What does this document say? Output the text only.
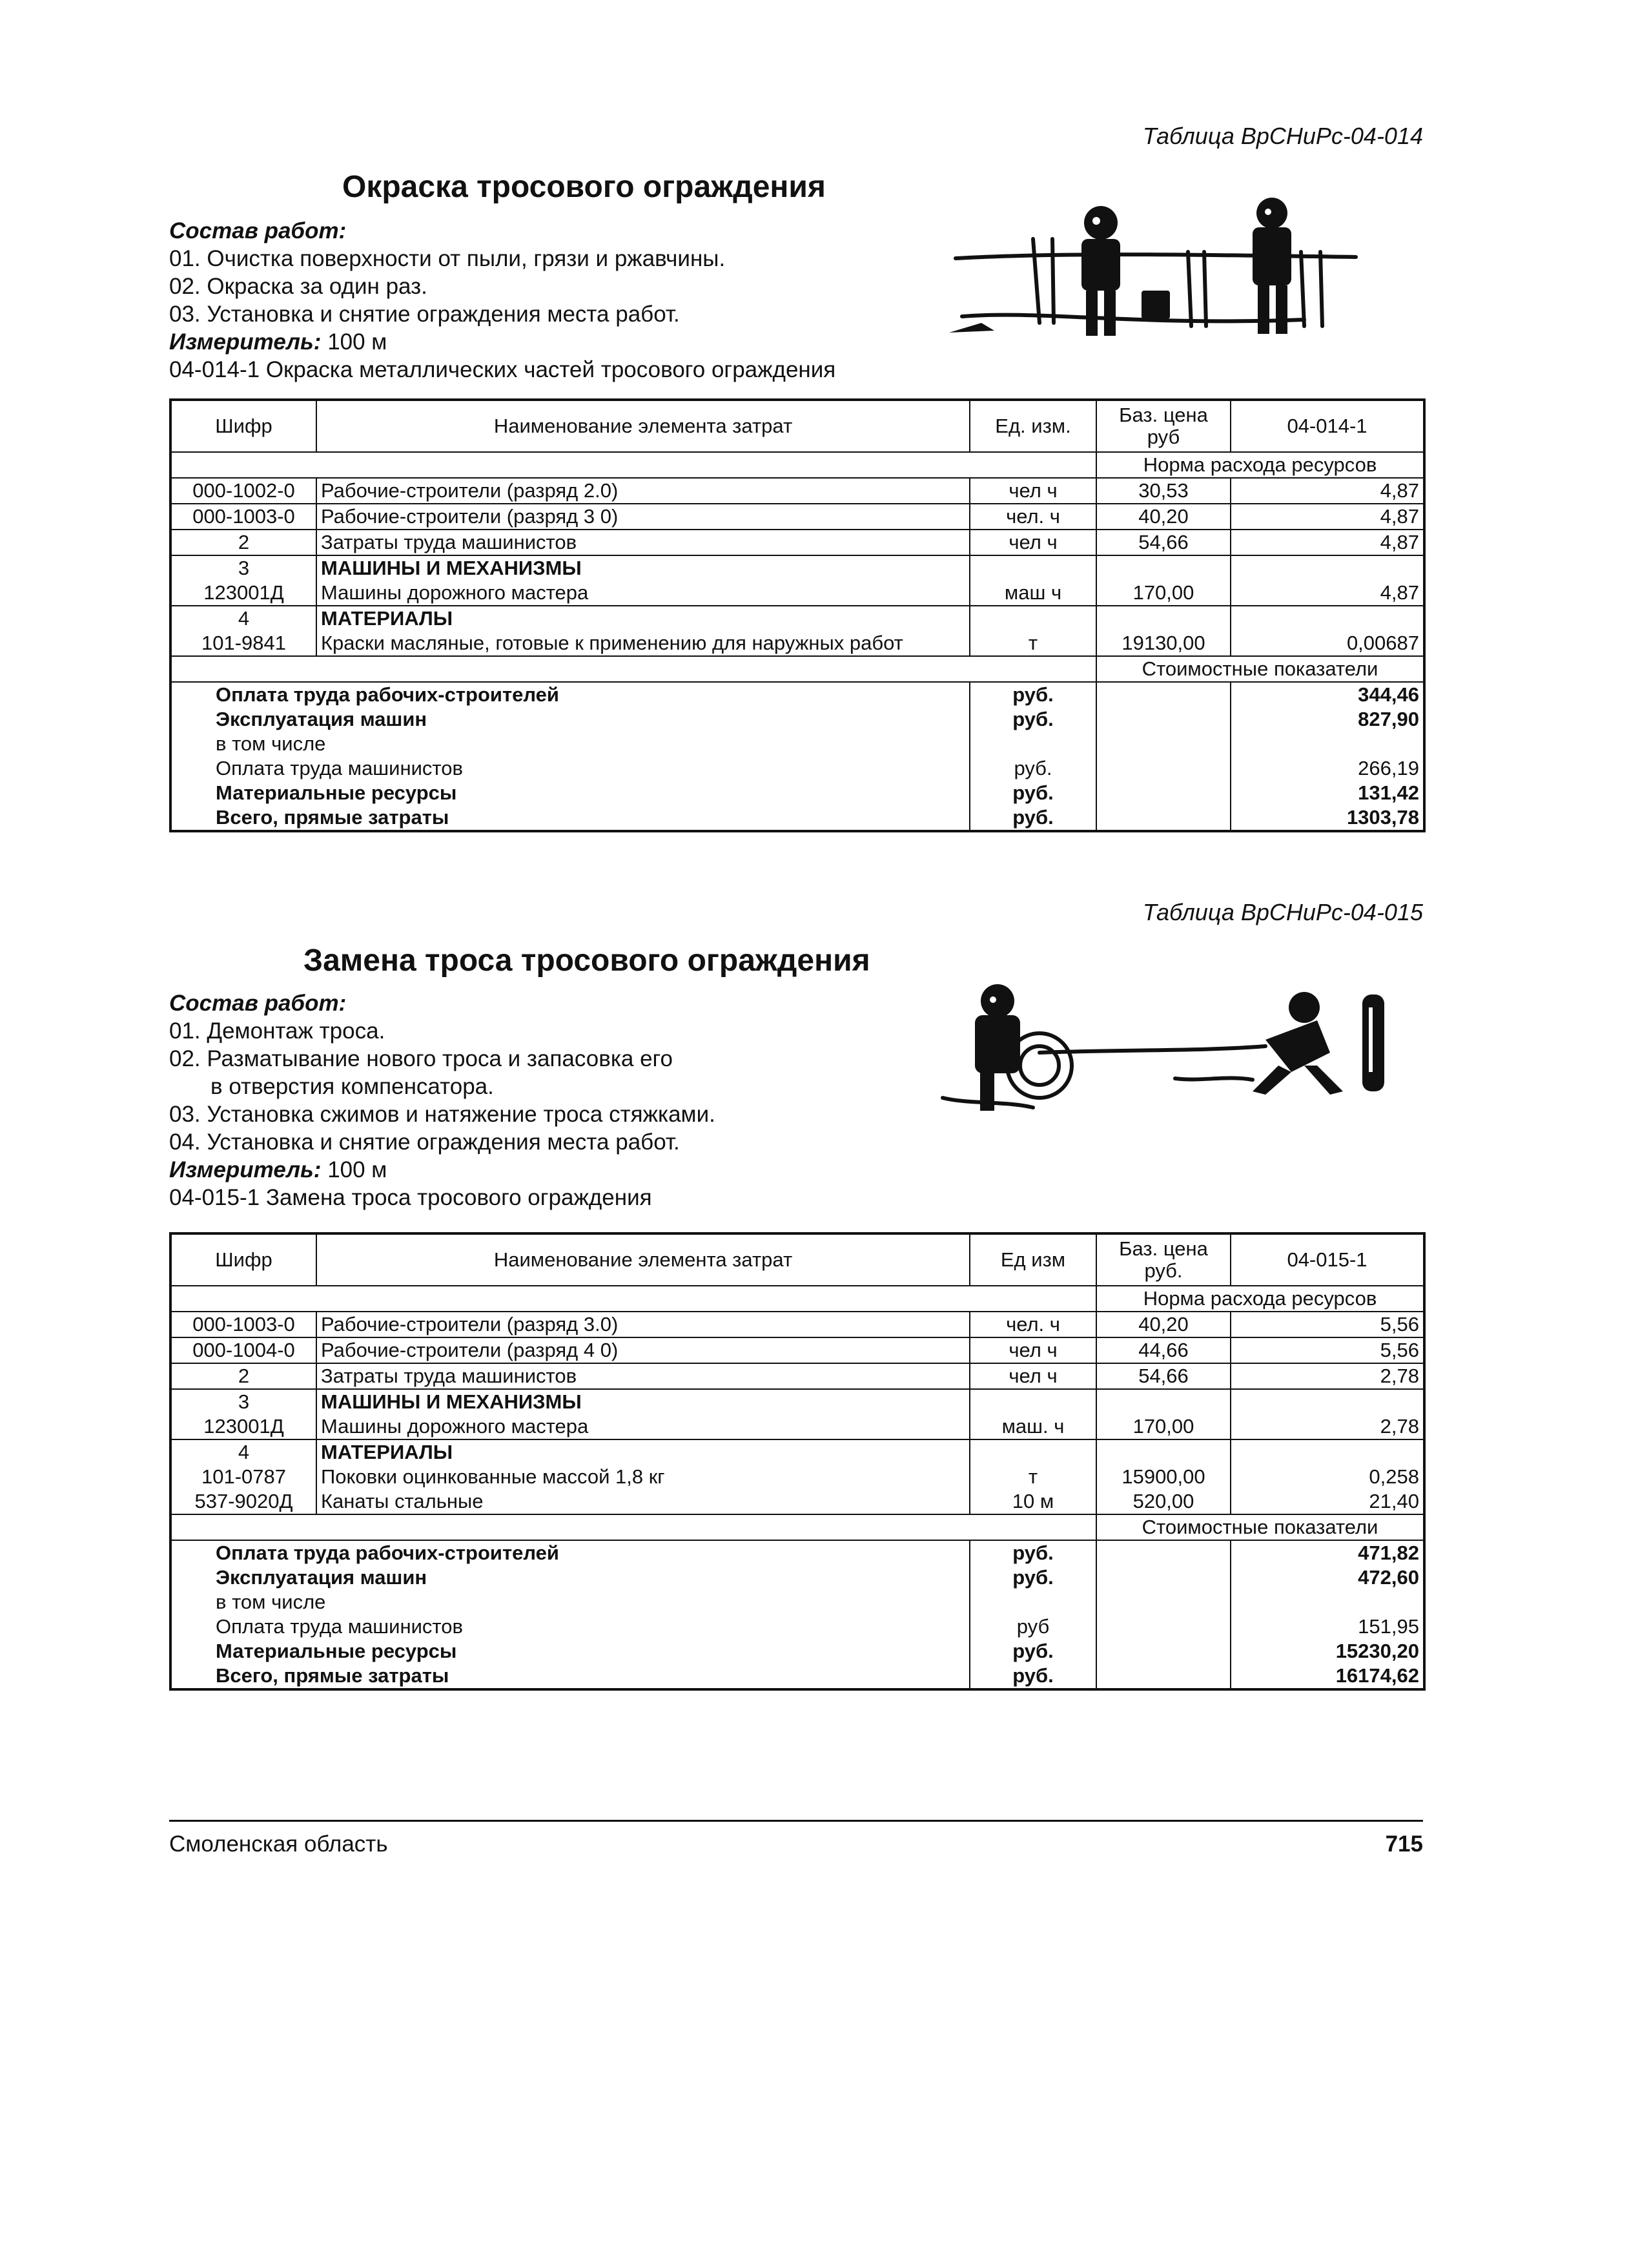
Таблица ВрСНиРс-04-014
Окраска тросового ограждения
Состав работ:
01. Очистка поверхности от пыли, грязи и ржавчины.
02. Окраска за один раз.
03. Установка и снятие ограждения места работ.
Измеритель: 100 м
04-014-1 Окраска металлических частей тросового ограждения
Шифр	Наименование элемента затрат	Ед. изм.	Баз. цена руб	04-014-1
			Норма расхода ресурсов	
000-1002-0	Рабочие-строители (разряд 2.0)	чел ч	30,53	4,87
000-1003-0	Рабочие-строители (разряд 3 0)	чел. ч	40,20	4,87
2	Затраты труда машинистов	чел ч	54,66	4,87
3	МАШИНЫ И МЕХАНИЗМЫ			
123001Д	Машины дорожного мастера	маш ч	170,00	4,87
4	МАТЕРИАЛЫ			
101-9841	Краски масляные, готовые к применению для наружных работ	т	19130,00	0,00687
			Стоимостные показатели	
Оплата труда рабочих-строителей		руб.		344,46
Эксплуатация машин		руб.		827,90
в том числе				
Оплата труда машинистов		руб.		266,19
Материальные ресурсы		руб.		131,42
Всего, прямые затраты		руб.		1303,78
Таблица ВрСНиРс-04-015
Замена троса тросового ограждения
Состав работ:
01. Демонтаж троса.
02. Разматывание нового троса и запасовка его
в отверстия компенсатора.
03. Установка сжимов и натяжение троса стяжками.
04. Установка и снятие ограждения места работ.
Измеритель: 100 м
04-015-1 Замена троса тросового ограждения
Шифр	Наименование элемента затрат	Ед изм	Баз. цена руб.	04-015-1
			Норма расхода ресурсов	
000-1003-0	Рабочие-строители (разряд 3.0)	чел. ч	40,20	5,56
000-1004-0	Рабочие-строители (разряд 4 0)	чел ч	44,66	5,56
2	Затраты труда машинистов	чел ч	54,66	2,78
3	МАШИНЫ И МЕХАНИЗМЫ			
123001Д	Машины дорожного мастера	маш. ч	170,00	2,78
4	МАТЕРИАЛЫ			
101-0787	Поковки оцинкованные массой 1,8 кг	т	15900,00	0,258
537-9020Д	Канаты стальные	10 м	520,00	21,40
			Стоимостные показатели	
Оплата труда рабочих-строителей		руб.		471,82
Эксплуатация машин		руб.		472,60
в том числе				
Оплата труда машинистов		руб		151,95
Материальные ресурсы		руб.		15230,20
Всего, прямые затраты		руб.		16174,62
Смоленская область	715
